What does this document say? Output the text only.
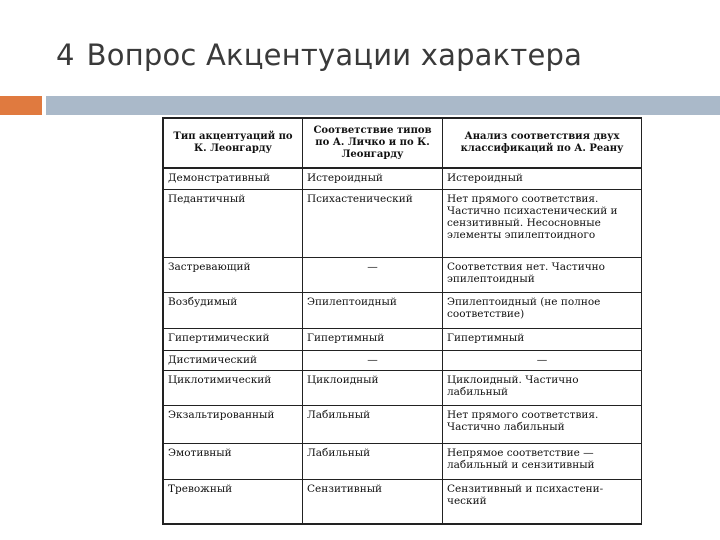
4 Вопрос Акцентуации характера
Тип акцентуаций по К. Леонгарду	Соответствие типов по А. Личко и по К. Леонгарду	Анализ соответствия двух классификаций по А. Реану
Демонстративный	Истероидный	Истероидный
Педантичный	Психастенический	Нет прямого соответствия. Частично психастенический и сензитивный. Несосновные элементы эпилептоидного
Застревающий	—	Соответствия нет. Частично эпилептоидный
Возбудимый	Эпилептоидный	Эпилептоидный (не полное соответствие)
Гипертимический	Гипертимный	Гипертимный
Дистимический	—	—
Циклотимический	Циклоидный	Циклоидный. Частично лабильный
Экзальтированный	Лабильный	Нет прямого соответствия. Частично лабильный
Эмотивный	Лабильный	Непрямое соответствие — лабильный и сензитивный
Тревожный	Сензитивный	Сензитивный и психастени-ческий
